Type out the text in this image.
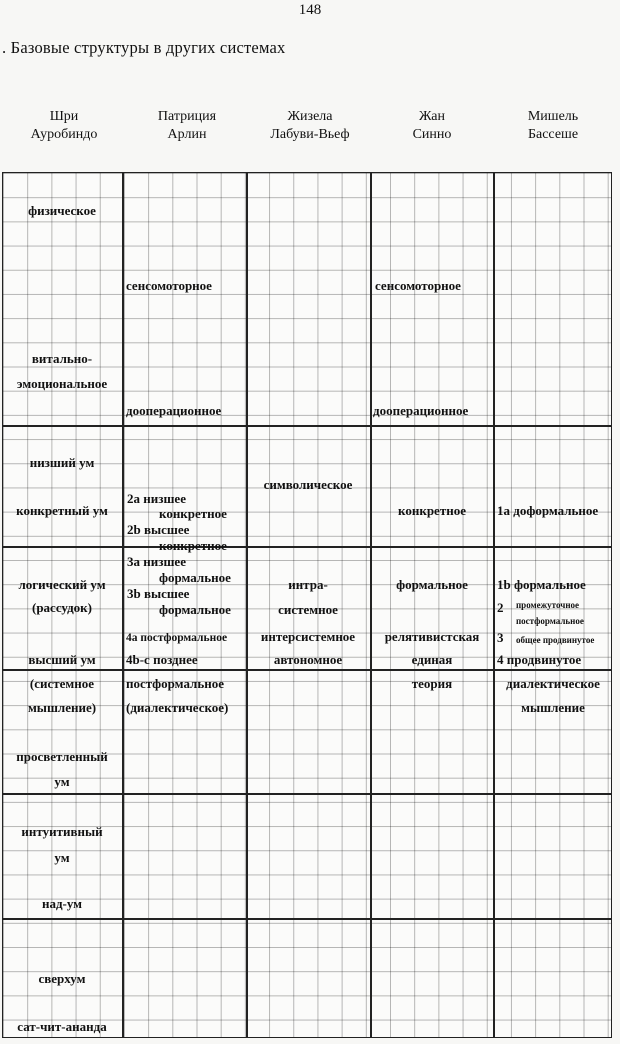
148
. Базовые структуры в других системах
Шри
Ауробиндо
Патриция
Арлин
Жизела
Лабуви-Вьеф
Жан
Синно
Мишель
Бассеше
физическое
витально-
эмоциональное
низший ум
конкретный ум
логический ум
(рассудок)
высший ум
(системное
мышление)
просветленный
ум
интуитивный
ум
над-ум
сверхум
сат-чит-ананда
сенсомоторное
дооперационное
2a низшее
конкретное
2b высшее
конкретное
3a низшее
формальное
3b высшее
формальное
4a постформальное
4b-c позднее
постформальное
(диалектическое)
символическое
интра-
системное
интерсистемное
автономное
сенсомоторное
дооперационное
конкретное
формальное
релятивистская
единая
теория
1a доформальное
1b формальное
2 промежуточное
постформальное
3 общее продвинутое
4 продвинутое
диалектическое
мышление
